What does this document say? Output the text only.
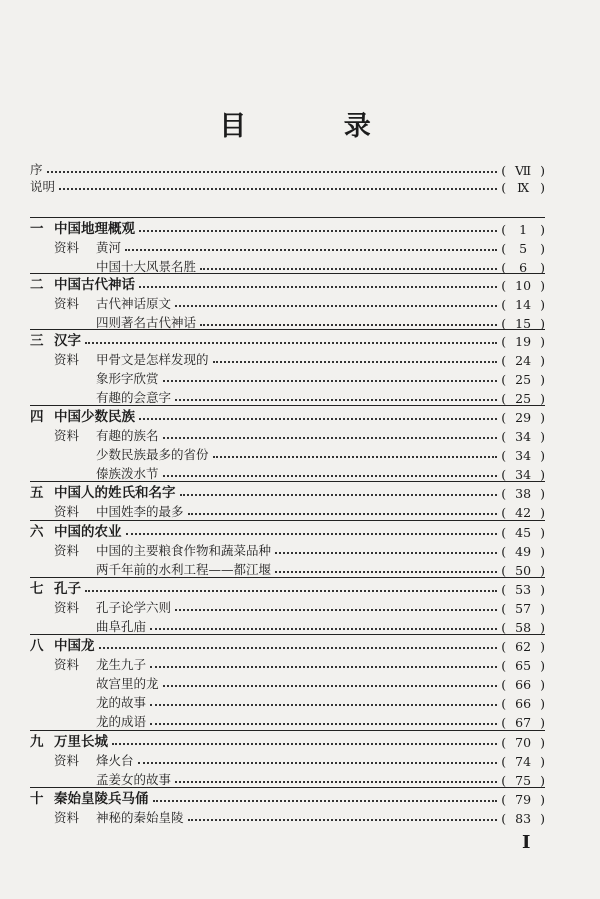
目 录
序	( Ⅶ )
说明	( Ⅸ )
一 中国地理概观	( 1 )
资料	黄河	( 5 )
中国十大风景名胜	( 6 )
二 中国古代神话	( 10 )
资料	古代神话原文	( 14 )
四则著名古代神话	( 15 )
三 汉字	( 19 )
资料	甲骨文是怎样发现的	( 24 )
象形字欣赏	( 25 )
有趣的会意字	( 25 )
四 中国少数民族	( 29 )
资料	有趣的族名	( 34 )
少数民族最多的省份	( 34 )
傣族泼水节	( 34 )
五 中国人的姓氏和名字	( 38 )
资料	中国姓李的最多	( 42 )
六 中国的农业	( 45 )
资料	中国的主要粮食作物和蔬菜品种	( 49 )
两千年前的水利工程——都江堰	( 50 )
七 孔子	( 53 )
资料	孔子论学六则	( 57 )
曲阜孔庙	( 58 )
八 中国龙	( 62 )
资料	龙生九子	( 65 )
故宫里的龙	( 66 )
龙的故事	( 66 )
龙的成语	( 67 )
九 万里长城	( 70 )
资料	烽火台	( 74 )
孟姜女的故事	( 75 )
十 秦始皇陵兵马俑	( 79 )
资料	神秘的秦始皇陵	( 83 )
I
